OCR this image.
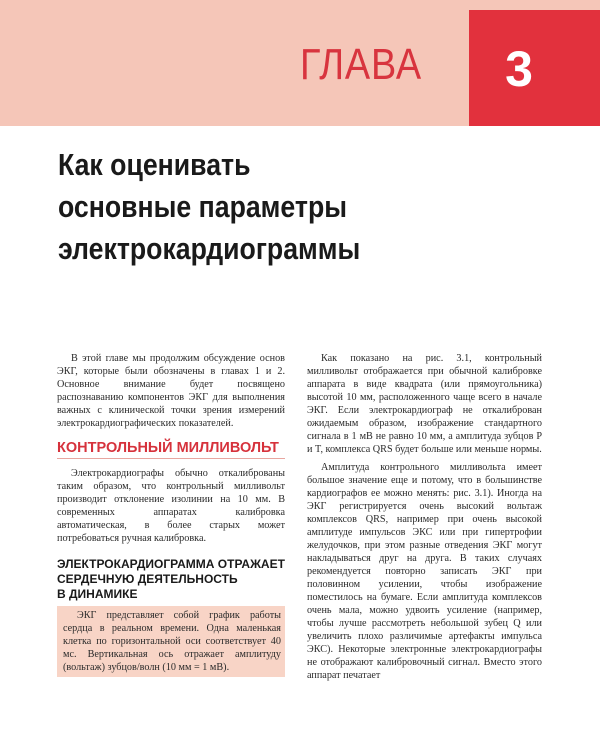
ГЛАВА	3
Как оценивать
основные параметры
электрокардиограммы

В этой главе мы продолжим обсуждение основ ЭКГ, которые были обозначены в главах 1 и 2. Основное внимание будет посвящено распознаванию компонентов ЭКГ для выполнения важных с клинической точки зрения измерений электрокардиографических показателей.

КОНТРОЛЬНЫЙ МИЛЛИВОЛЬТ

Электрокардиографы обычно откалиброваны таким образом, что контрольный милливольт производит отклонение изолинии на 10 мм. В современных аппаратах калибровка автоматическая, в более старых может потребоваться ручная калибровка.

ЭЛЕКТРОКАРДИОГРАММА ОТРАЖАЕТ
СЕРДЕЧНУЮ ДЕЯТЕЛЬНОСТЬ
В ДИНАМИКЕ

ЭКГ представляет собой график работы сердца в реальном времени. Одна маленькая клетка по горизонтальной оси соответствует 40 мс. Вертикальная ось отражает амплитуду (вольтаж) зубцов/волн (10 мм = 1 мВ).

Как показано на рис. 3.1, контрольный милливольт отображается при обычной калибровке аппарата в виде квадрата (или прямоугольника) высотой 10 мм, расположенного чаще всего в начале ЭКГ. Если электрокардиограф не откалиброван ожидаемым образом, изображение стандартного сигнала в 1 мВ не равно 10 мм, а амплитуда зубцов P и T, комплекса QRS будет больше или меньше нормы.

Амплитуда контрольного милливольта имеет большое значение еще и потому, что в большинстве кардиографов ее можно менять: рис. 3.1). Иногда на ЭКГ регистрируется очень высокий вольтаж комплексов QRS, например при очень высокой амплитуде импульсов ЭКС или при гипертрофии желудочков, при этом разные отведения ЭКГ могут накладываться друг на друга. В таких случаях рекомендуется повторно записать ЭКГ при половинном усилении, чтобы изображение поместилось на бумаге. Если амплитуда комплексов очень мала, можно удвоить усиление (например, чтобы лучше рассмотреть небольшой зубец Q или увеличить плохо различимые артефакты импульса ЭКС). Некоторые электронные электрокардиографы не отображают калибровочный сигнал. Вместо этого аппарат печатает
